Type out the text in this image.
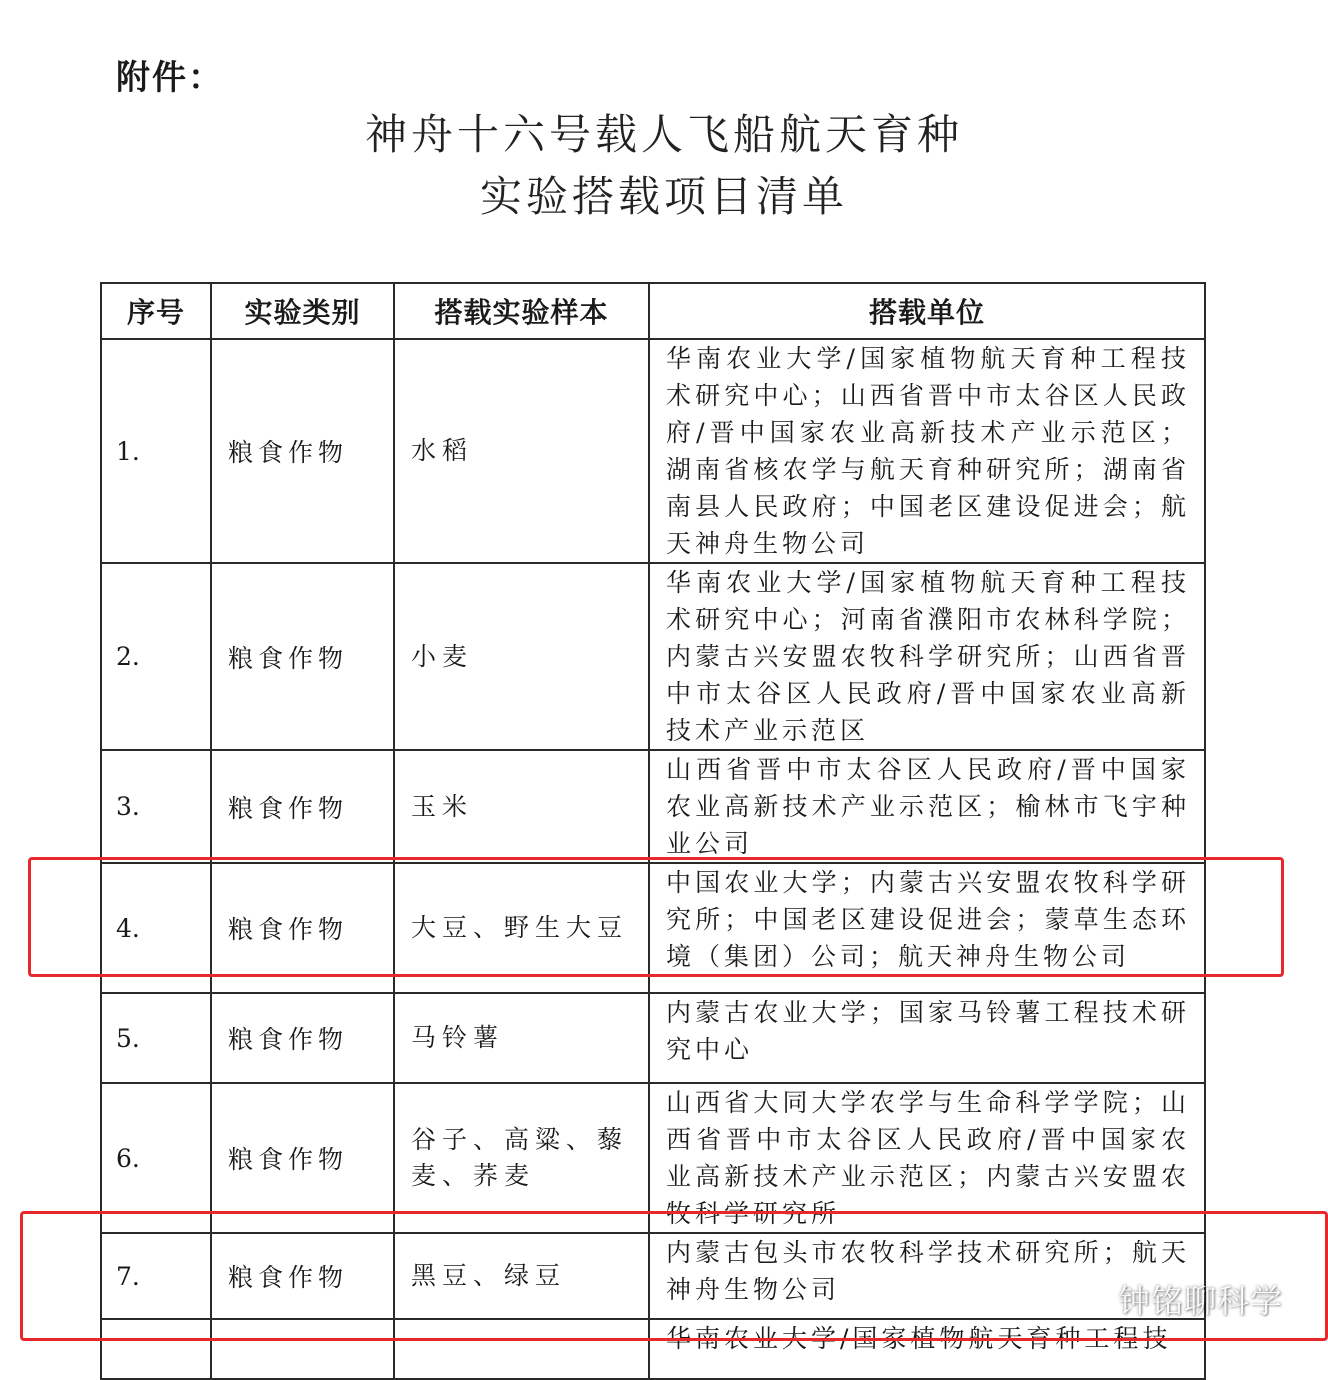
附件：
神舟十六号载人飞船航天育种
实验搭载项目清单
序号	实验类别	搭载实验样本	搭载单位
1.	粮食作物	水稻	华南农业大学/国家植物航天育种工程技术研究中心；山西省晋中市太谷区人民政府/晋中国家农业高新技术产业示范区；湖南省核农学与航天育种研究所；湖南省南县人民政府；中国老区建设促进会；航天神舟生物公司
2.	粮食作物	小麦	华南农业大学/国家植物航天育种工程技术研究中心；河南省濮阳市农林科学院；内蒙古兴安盟农牧科学研究所；山西省晋中市太谷区人民政府/晋中国家农业高新技术产业示范区
3.	粮食作物	玉米	山西省晋中市太谷区人民政府/晋中国家农业高新技术产业示范区；榆林市飞宇种业公司
4.	粮食作物	大豆、野生大豆	中国农业大学；内蒙古兴安盟农牧科学研究所；中国老区建设促进会；蒙草生态环境（集团）公司；航天神舟生物公司
5.	粮食作物	马铃薯	内蒙古农业大学；国家马铃薯工程技术研究中心
6.	粮食作物	谷子、高粱、藜麦、荞麦	山西省大同大学农学与生命科学学院；山西省晋中市太谷区人民政府/晋中国家农业高新技术产业示范区；内蒙古兴安盟农牧科学研究所
7.	粮食作物	黑豆、绿豆	内蒙古包头市农牧科学技术研究所；航天神舟生物公司
			华南农业大学/国家植物航天育种工程技
钟铭聊科学
